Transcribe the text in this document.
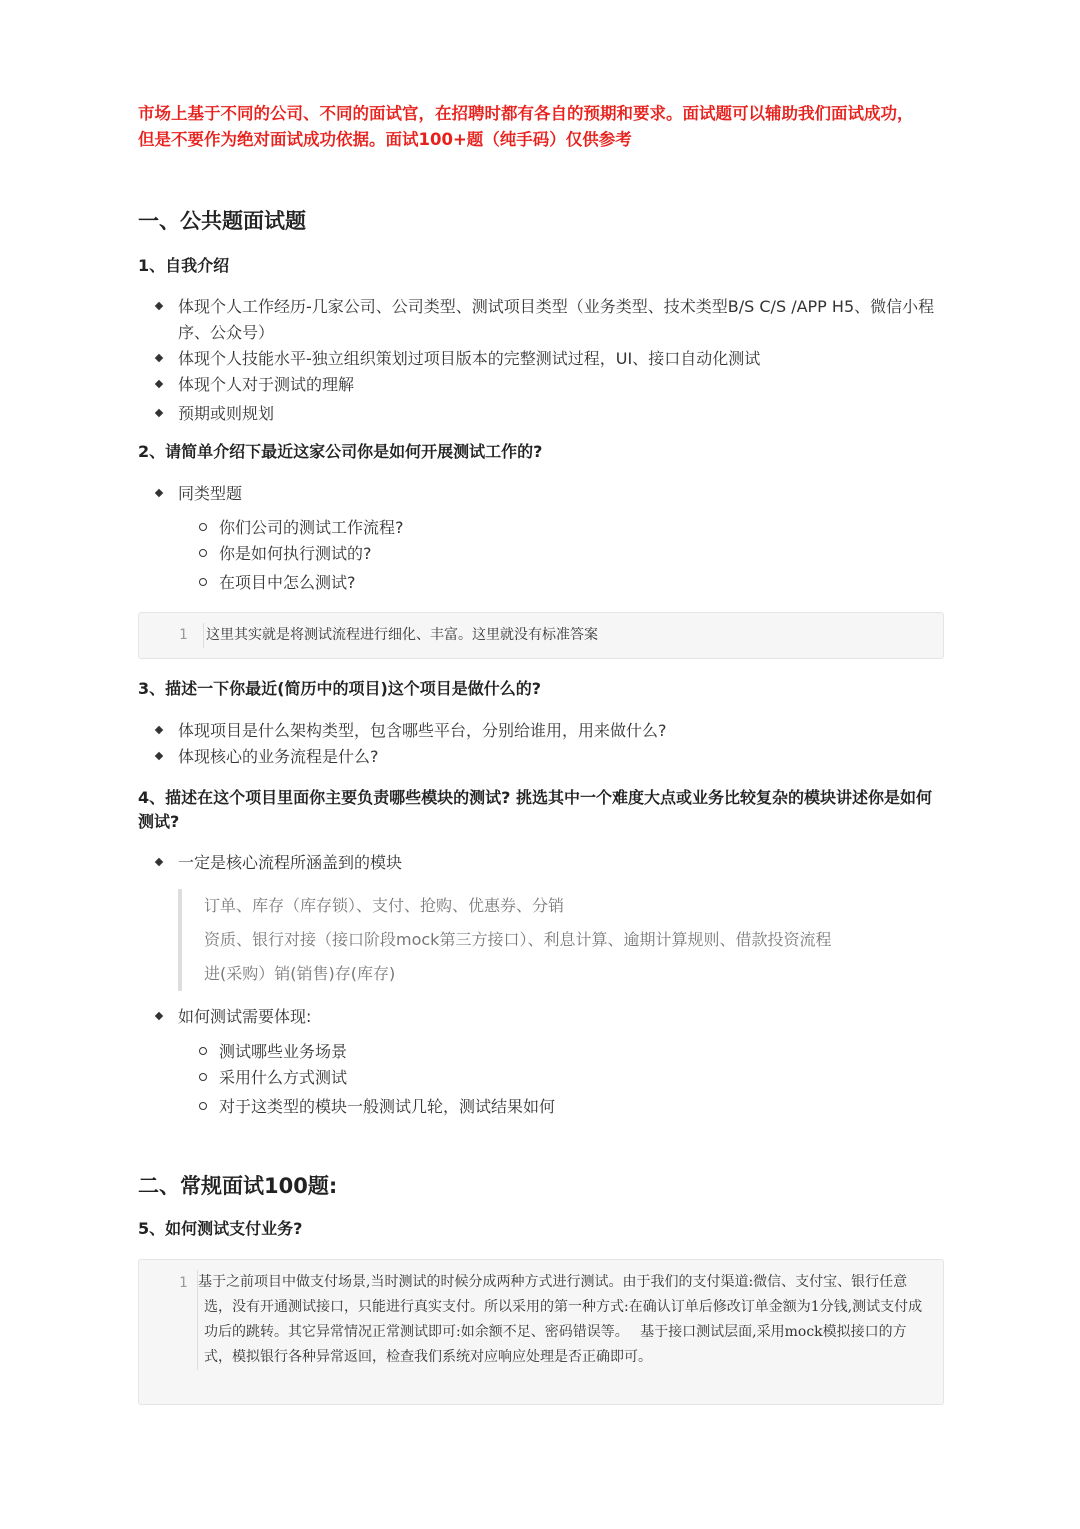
市场上基于不同的公司、不同的面试官，在招聘时都有各自的预期和要求。面试题可以辅助我们面试成功，但是不要作为绝对面试成功依据。面试100+题（纯手码）仅供参考
一、公共题面试题
1、自我介绍
体现个人工作经历-几家公司、公司类型、测试项目类型（业务类型、技术类型B/S C/S /APP H5、微信小程序、公众号）
体现个人技能水平-独立组织策划过项目版本的完整测试过程，UI、接口自动化测试
体现个人对于测试的理解
预期或则规划
2、请简单介绍下最近这家公司你是如何开展测试工作的?
同类型题
你们公司的测试工作流程?
你是如何执行测试的?
在项目中怎么测试?
1 这里其实就是将测试流程进行细化、丰富。这里就没有标准答案
3、描述一下你最近(简历中的项目)这个项目是做什么的?
体现项目是什么架构类型，包含哪些平台，分别给谁用，用来做什么?
体现核心的业务流程是什么?
4、描述在这个项目里面你主要负责哪些模块的测试? 挑选其中一个难度大点或业务比较复杂的模块讲述你是如何测试?
一定是核心流程所涵盖到的模块

订单、库存（库存锁）、支付、抢购、优惠券、分销

资质、银行对接（接口阶段mock第三方接口）、利息计算、逾期计算规则、借款投资流程

进(采购）销(销售)存(库存)

如何测试需要体现:
测试哪些业务场景
采用什么方式测试
对于这类型的模块一般测试几轮，测试结果如何
二、常规面试100题:
5、如何测试支付业务?
1 基于之前项目中做支付场景,当时测试的时候分成两种方式进行测试。由于我们的支付渠道:微信、支付宝、银行任意选，没有开通测试接口，只能进行真实支付。所以采用的第一种方式:在确认订单后修改订单金额为1分钱,测试支付成功后的跳转。其它异常情况正常测试即可:如余额不足、密码错误等。　 基于接口测试层面,采用mock模拟接口的方式，模拟银行各种异常返回，检查我们系统对应响应处理是否正确即可。
